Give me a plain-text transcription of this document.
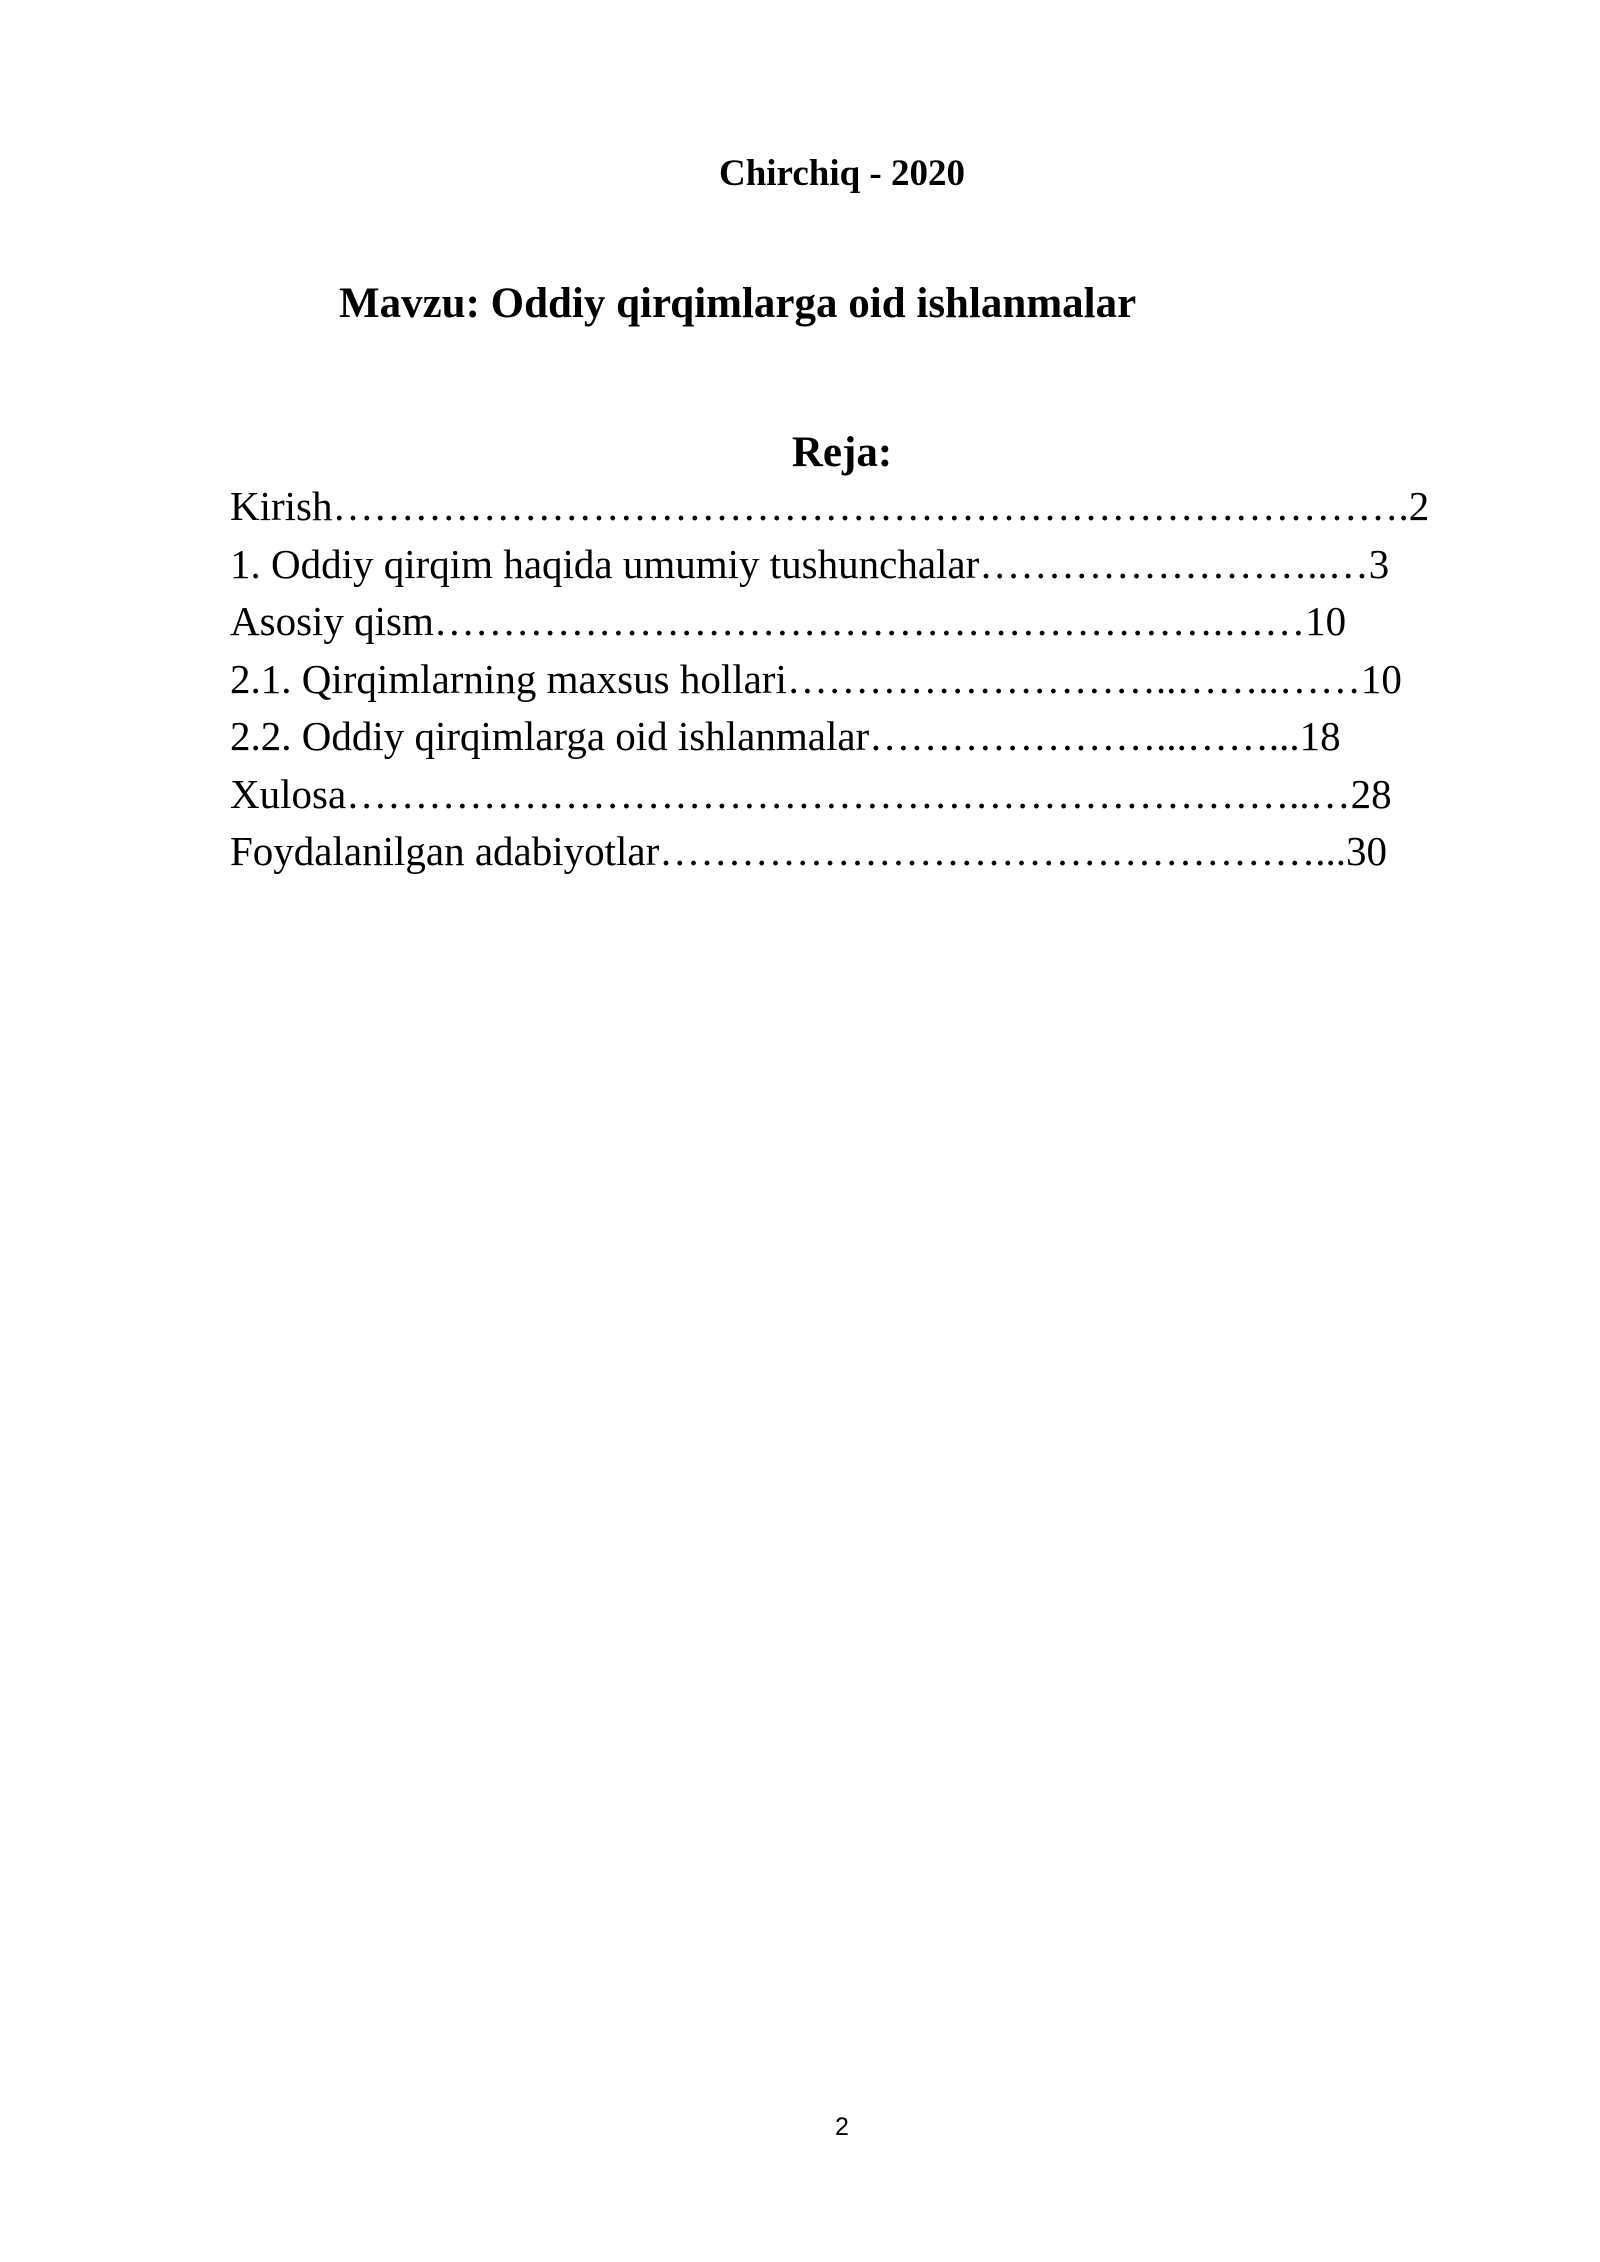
Chirchiq - 2020
Mavzu: Oddiy qirqimlarga oid ishlanmalar
Reja:
Kirish…………………………………………………………………….2
1. Oddiy qirqim haqida umumiy tushunchalar……………………..…3
Asosiy qism………………………………………………….……10
2.1. Qirqimlarning maxsus hollari………………………..……..……10
2.2. Oddiy qirqimlarga oid ishlanmalar…………………...……...18
Xulosa……………………………………………………………..…28
Foydalanilgan adabiyotlar…………………………………………...30
2
